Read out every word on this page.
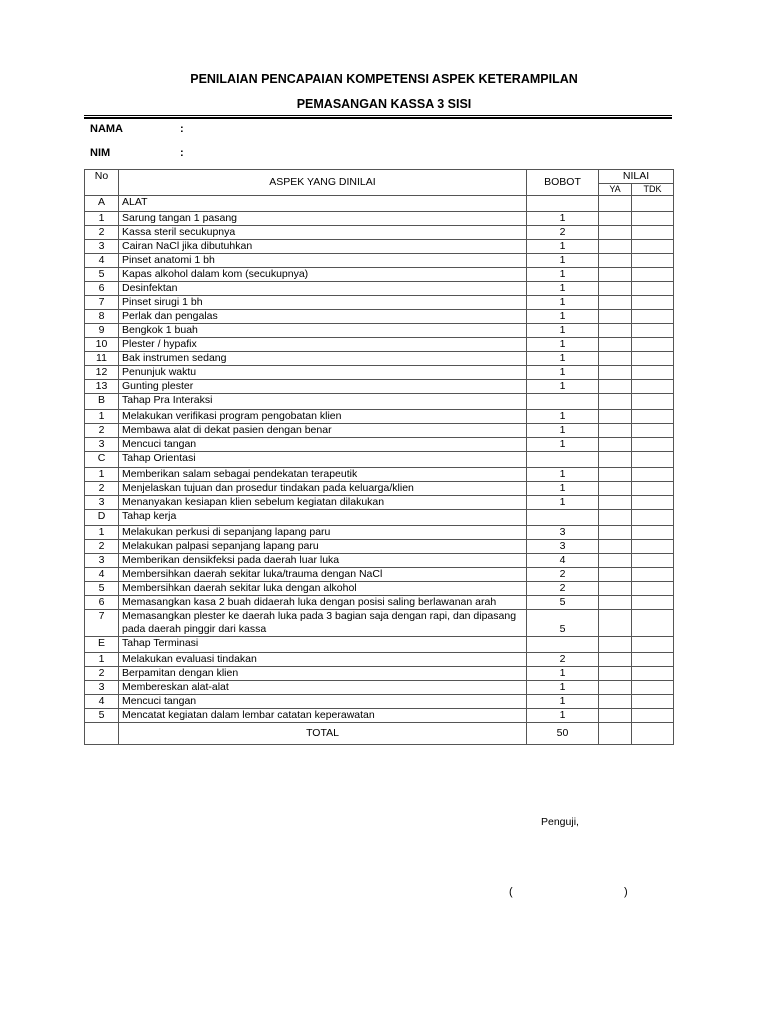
PENILAIAN PENCAPAIAN KOMPETENSI ASPEK KETERAMPILAN
PEMASANGAN KASSA 3 SISI
NAMA	:
NIM	:
No	ASPEK YANG DINILAI	BOBOT	NILAI	
			YA	TDK
A	ALAT			
1	Sarung tangan 1 pasang	1		
2	Kassa steril secukupnya	2		
3	Cairan NaCl jika dibutuhkan	1		
4	Pinset anatomi 1 bh	1		
5	Kapas alkohol dalam kom (secukupnya)	1		
6	Desinfektan	1		
7	Pinset sirugi 1 bh	1		
8	Perlak dan pengalas	1		
9	Bengkok 1 buah	1		
10	Plester / hypafix	1		
11	Bak instrumen sedang	1		
12	Penunjuk waktu	1		
13	Gunting plester	1		
B	Tahap Pra Interaksi			
1	Melakukan verifikasi program pengobatan klien	1		
2	Membawa alat di dekat pasien dengan benar	1		
3	Mencuci tangan	1		
C	Tahap Orientasi			
1	Memberikan salam sebagai pendekatan terapeutik	1		
2	Menjelaskan tujuan dan prosedur tindakan pada keluarga/klien	1		
3	Menanyakan kesiapan klien sebelum kegiatan dilakukan	1		
D	Tahap kerja			
1	Melakukan perkusi di sepanjang lapang paru	3		
2	Melakukan palpasi sepanjang lapang paru	3		
3	Memberikan densikfeksi pada daerah luar luka	4		
4	Membersihkan daerah sekitar luka/trauma dengan NaCl	2		
5	Membersihkan daerah sekitar luka dengan alkohol	2		
6	Memasangkan kasa 2 buah didaerah luka dengan posisi saling berlawanan arah	5		
7	Memasangkan plester ke daerah luka pada 3 bagian saja dengan rapi, dan dipasang pada daerah pinggir dari kassa	5		
E	Tahap Terminasi			
1	Melakukan evaluasi tindakan	2		
2	Berpamitan dengan klien	1		
3	Membereskan alat-alat	1		
4	Mencuci tangan	1		
5	Mencatat kegiatan dalam lembar catatan keperawatan	1		
	TOTAL	50		
Penguji,
(	)
